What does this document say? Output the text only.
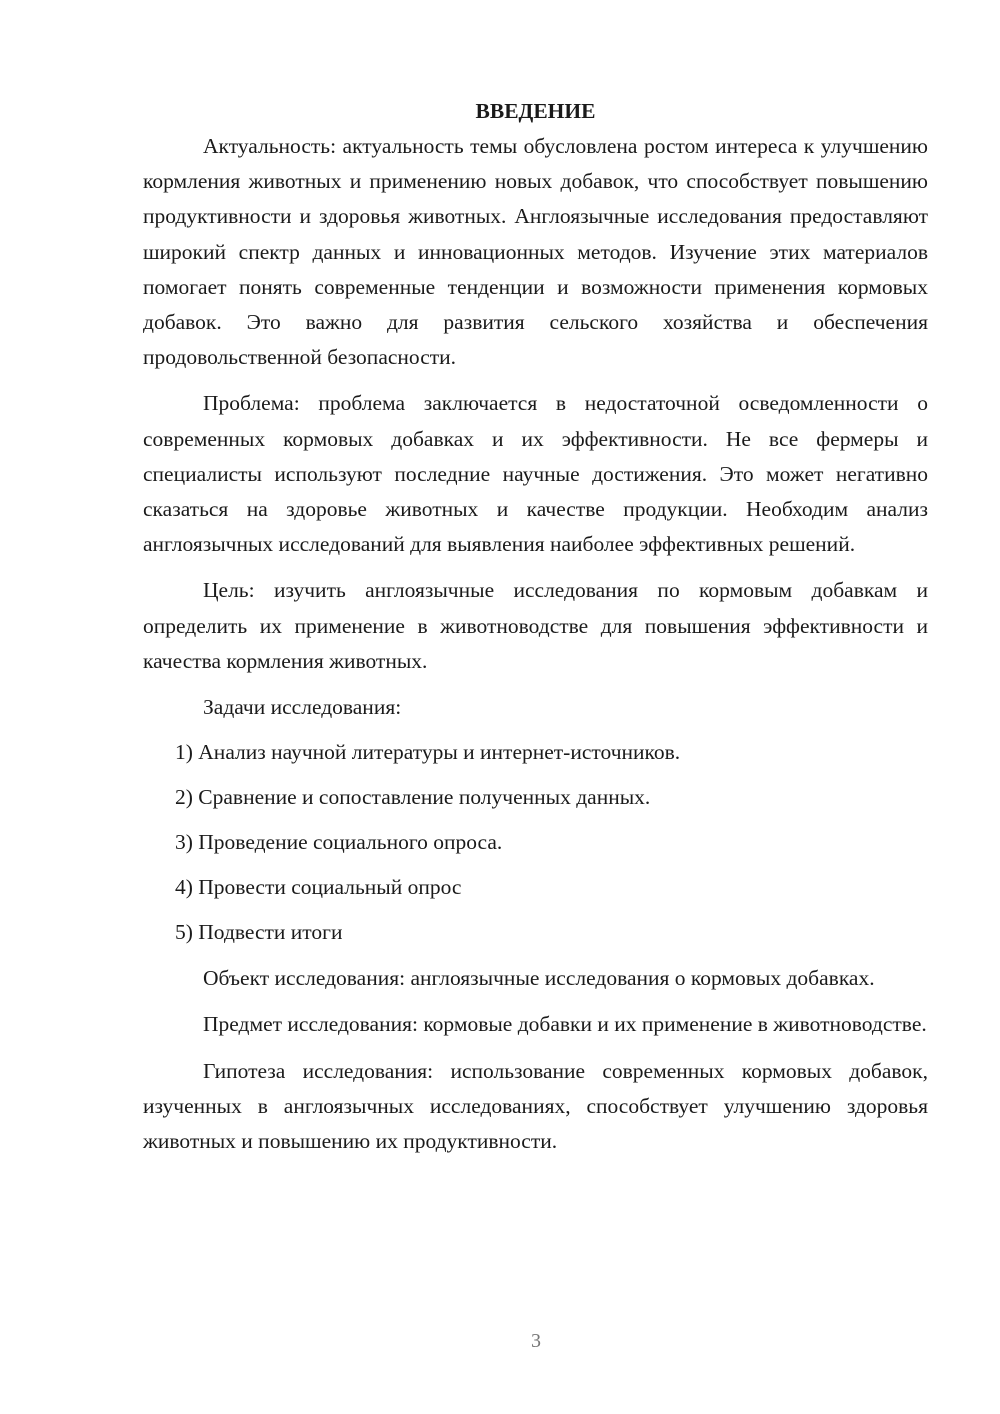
ВВЕДЕНИЕ

Актуальность: актуальность темы обусловлена ростом интереса к улучшению кормления животных и применению новых добавок, что способствует повышению продуктивности и здоровья животных. Англоязычные исследования предоставляют широкий спектр данных и инновационных методов. Изучение этих материалов помогает понять современные тенденции и возможности применения кормовых добавок. Это важно для развития сельского хозяйства и обеспечения продовольственной безопасности.

Проблема: проблема заключается в недостаточной осведомленности о современных кормовых добавках и их эффективности. Не все фермеры и специалисты используют последние научные достижения. Это может негативно сказаться на здоровье животных и качестве продукции. Необходим анализ англоязычных исследований для выявления наиболее эффективных решений.

Цель: изучить англоязычные исследования по кормовым добавкам и определить их применение в животноводстве для повышения эффективности и качества кормления животных.

Задачи исследования:

1) Анализ научной литературы и интернет-источников.

2) Сравнение и сопоставление полученных данных.

3) Проведение социального опроса.

4) Провести социальный опрос

5) Подвести итоги

Объект исследования: англоязычные исследования о кормовых добавках.

Предмет исследования: кормовые добавки и их применение в животноводстве.

Гипотеза исследования: использование современных кормовых добавок, изученных в англоязычных исследованиях, способствует улучшению здоровья животных и повышению их продуктивности.

3
